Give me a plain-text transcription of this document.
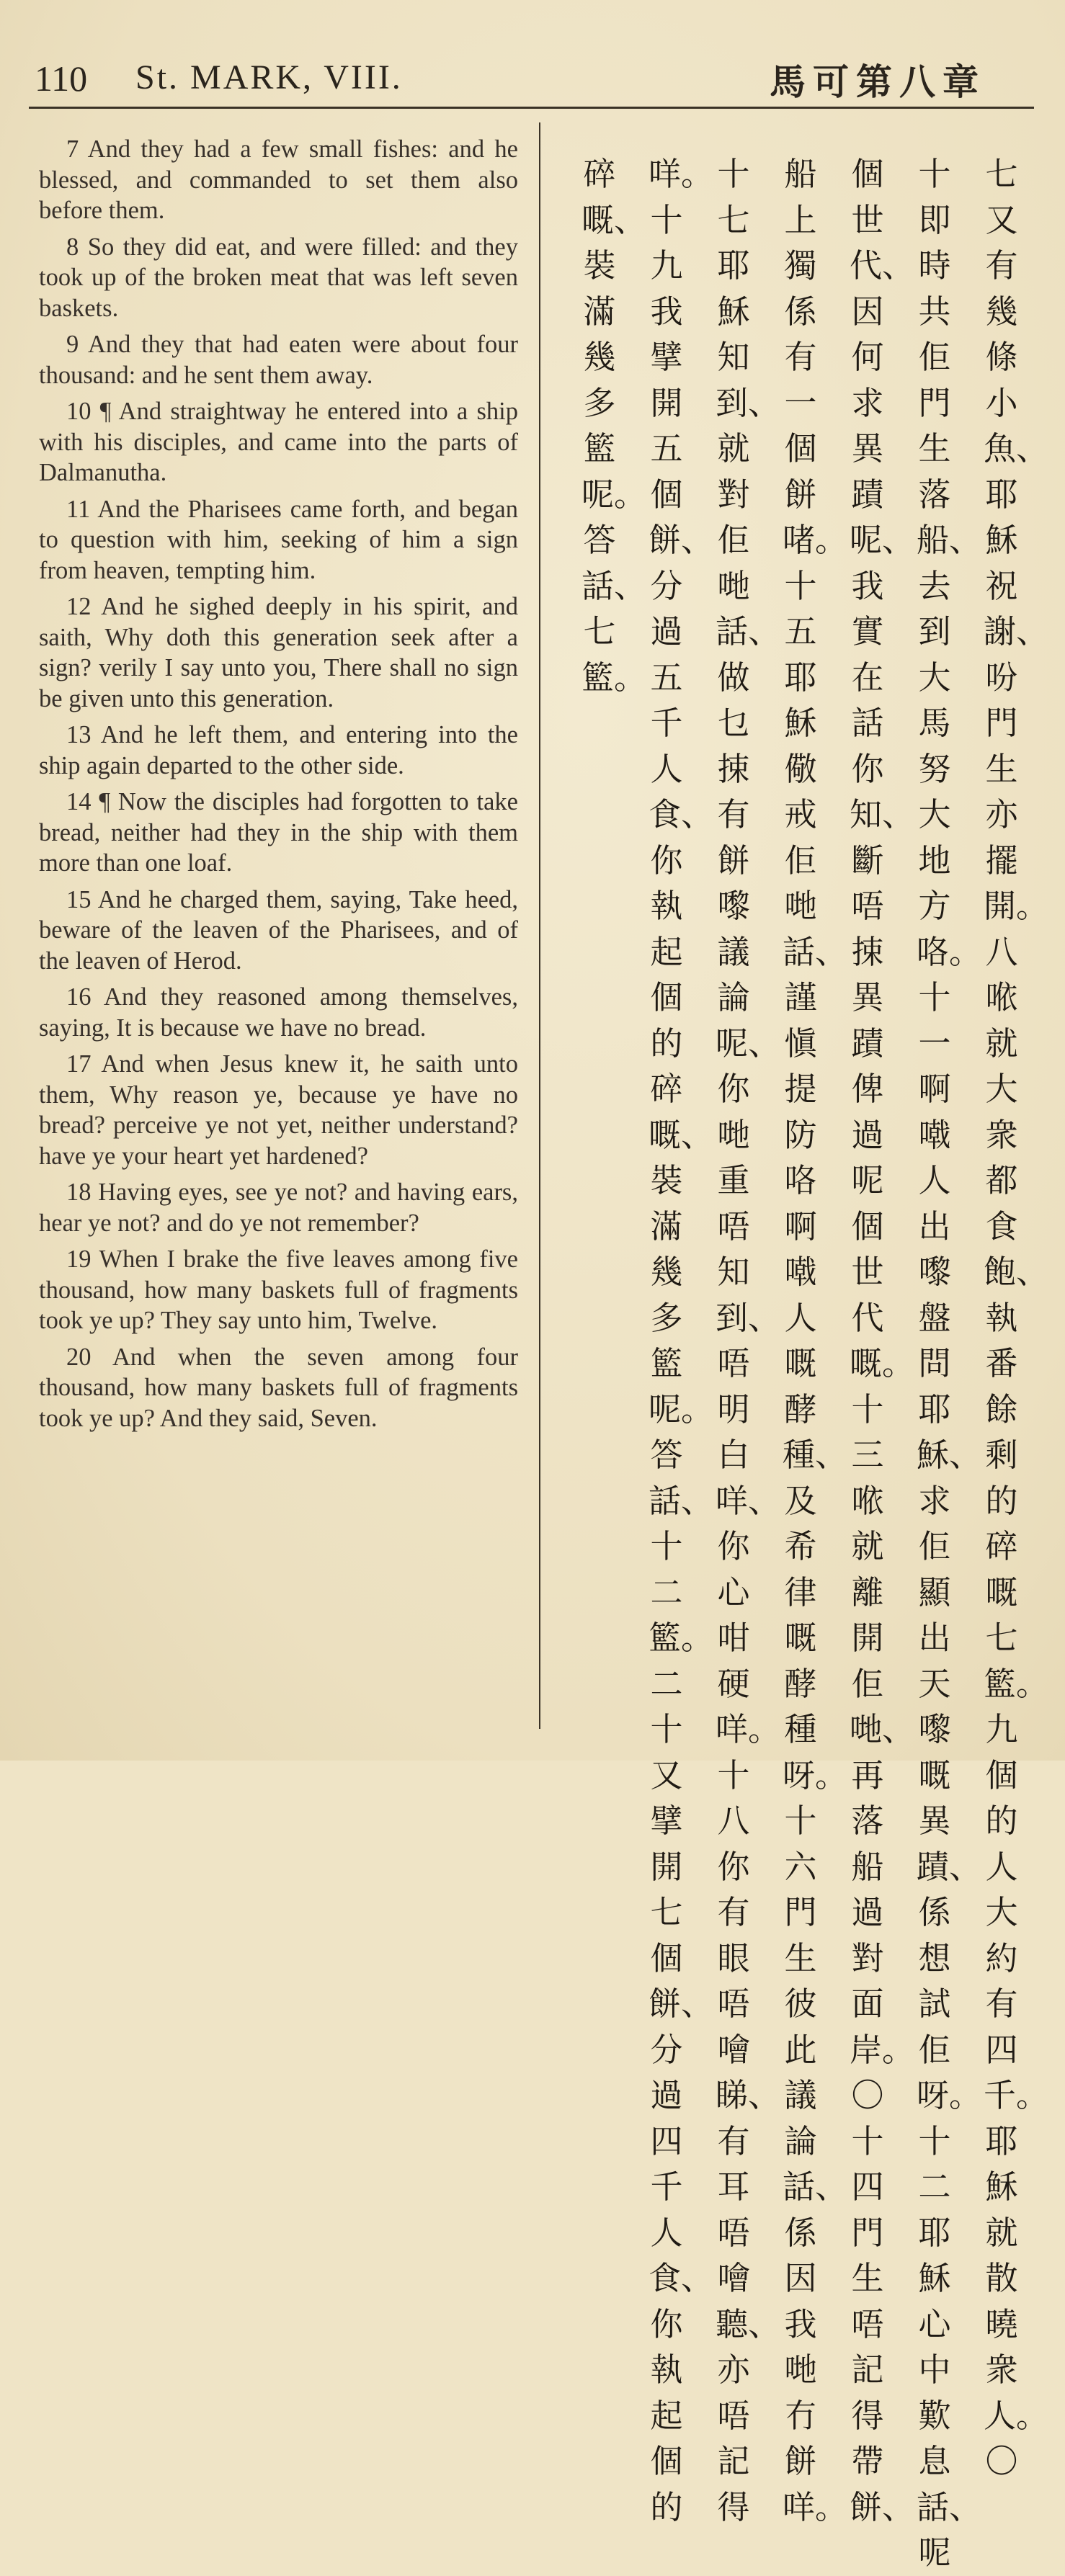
110 St. MARK, VIII.	馬可第八章

7 And they had a few small fishes: and he blessed, and commanded to set them also before them.

8 So they did eat, and were filled: and they took up of the broken meat that was left seven baskets.

9 And they that had eaten were about four thousand: and he sent them away.

10 ¶ And straightway he entered into a ship with his disciples, and came into the parts of Dalmanutha.

11 And the Pharisees came forth, and began to question with him, seeking of him a sign from heaven, tempting him.

12 And he sighed deeply in his spirit, and saith, Why doth this generation seek after a sign? verily I say unto you, There shall no sign be given unto this generation.

13 And he left them, and entering into the ship again departed to the other side.

14 ¶ Now the disciples had forgotten to take bread, neither had they in the ship with them more than one loaf.

15 And he charged them, saying, Take heed, beware of the leaven of the Pharisees, and of the leaven of Herod.

16 And they reasoned among themselves, saying, It is because we have no bread.

17 And when Jesus knew it, he saith unto them, Why reason ye, because ye have no bread? perceive ye not yet, neither understand? have ye your heart yet hardened?

18 Having eyes, see ye not? and having ears, hear ye not? and do ye not remember?

19 When I brake the five leaves among five thousand, how many baskets full of fragments took ye up? They say unto him, Twelve.

20 And when the seven among four thousand, how many baskets full of fragments took ye up? And they said, Seven.

七又有幾條小魚、耶穌祝謝、吩門生亦擺開。八𠵱就大衆都食飽、執番餘剩的碎嘅七籃。九個的人大約有四千。耶穌就散曉衆人。〇
十即時共佢門生落船、去到大馬努大地方咯。十一啊𠽤人出嚟盤問耶穌、求佢顯出天嚟嘅異蹟、係想試佢呀。十二耶穌心中歎息話、呢
個世代、因何求異蹟呢、我實在話你知、斷唔捒異蹟俾過呢個世代嘅。十三𠵱就離開佢哋、再落船過對面岸。〇十四門生唔記得帶餅、
船上獨係有一個餅啫。十五耶穌儆戒佢哋話、謹愼提防咯啊𠽤人嘅酵種、及希律嘅酵種呀。十六門生彼此議論話、係因我哋冇餅咩。
十七耶穌知到、就對佢哋話、做乜捒有餅嚟議論呢、你哋重唔知到、唔明白咩、你心咁硬咩。十八你有眼唔噲睇、有耳唔噲聽、亦唔記得
咩。十九我擘開五個餅、分過五千人食、你執起個的碎嘅、裝滿幾多籃呢。答話、十二籃。二十又擘開七個餅、分過四千人食、你執起個的
碎嘅、裝滿幾多籃呢。答話、七籃。
